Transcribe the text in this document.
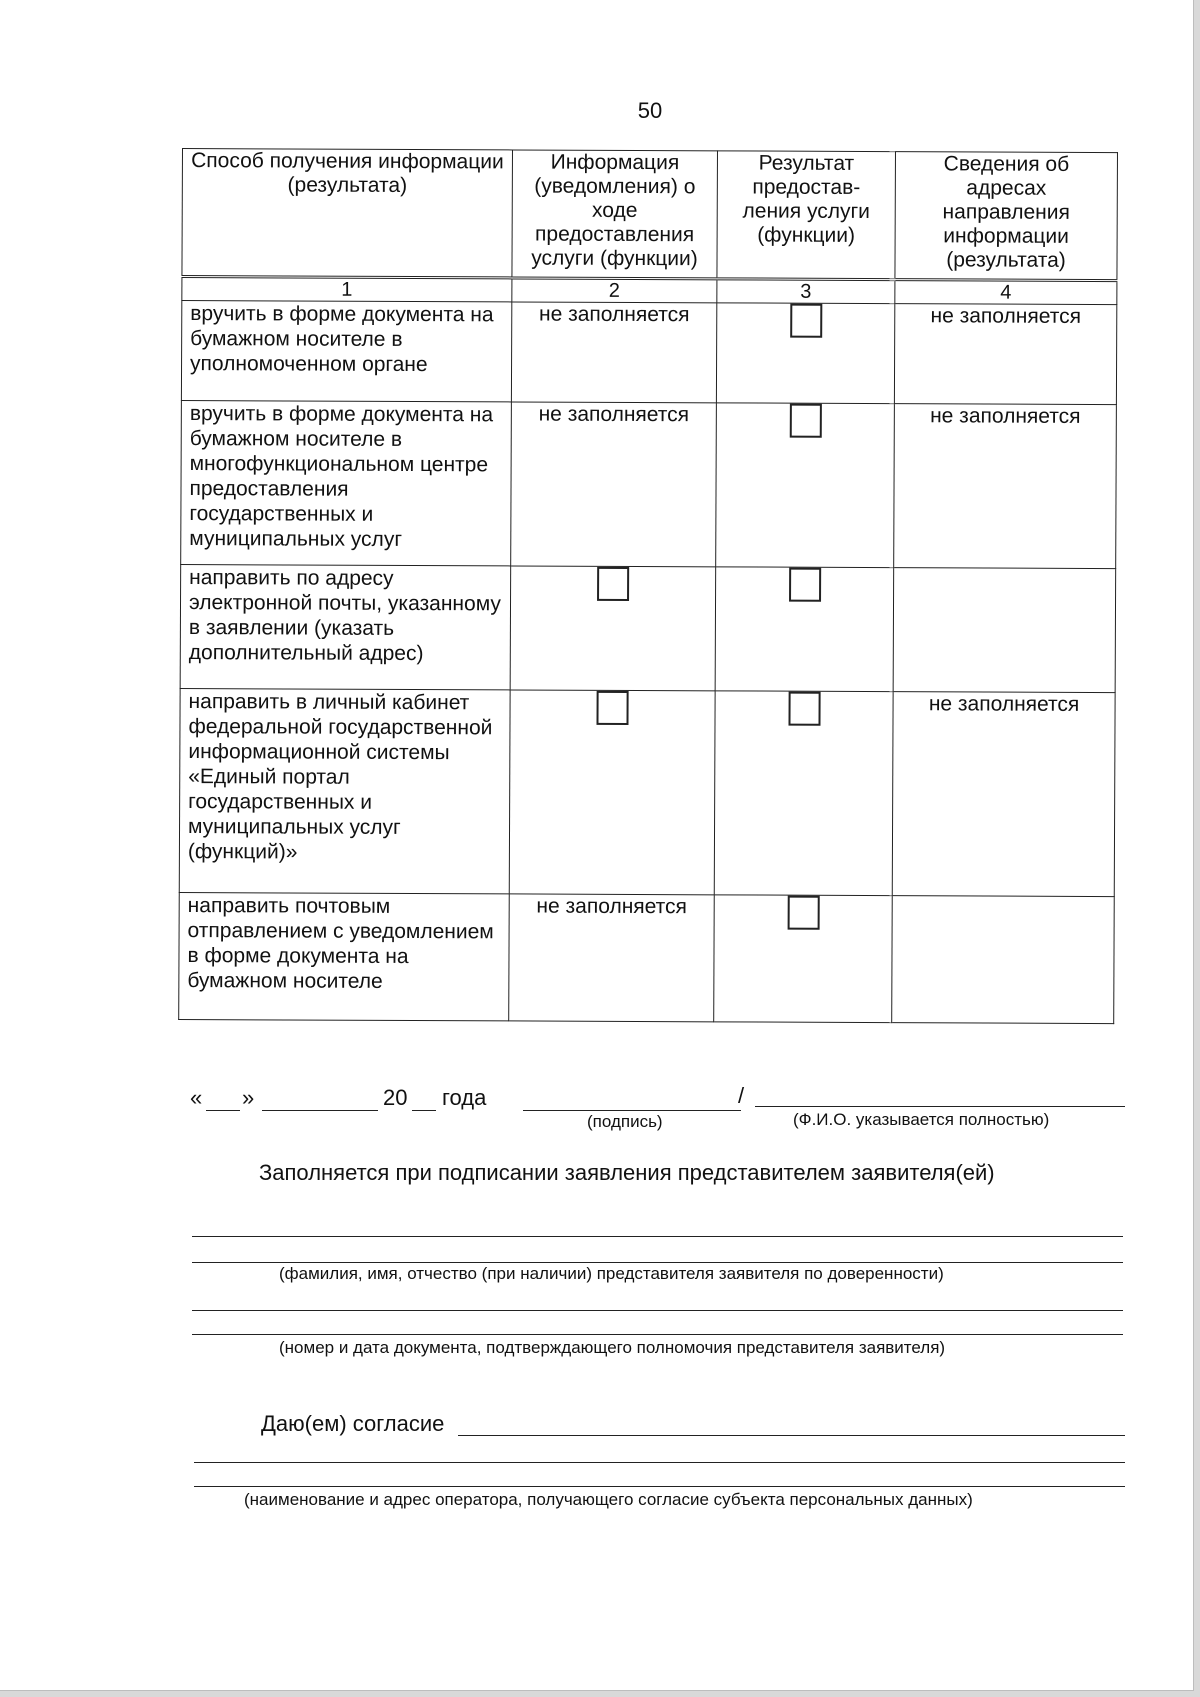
50
Способ получения информации (результата)	Информация (уведомления) о ходе предоставления услуги (функции)	Результат предостав-ления услуги (функции)	Сведения об адресах направления информации (результата)
1	2	3	4
вручить в форме документа на бумажном носителе в уполномоченном органе	не заполняется		не заполняется
вручить в форме документа на бумажном носителе в многофункциональном центре предоставления государственных и муниципальных услуг	не заполняется		не заполняется
направить по адресу электронной почты, указанному в заявлении (указать дополнительный адрес)			
направить в личный кабинет федеральной государственной информационной системы «Единый портал государственных и муниципальных услуг (функций)»			не заполняется
направить почтовым отправлением с уведомлением в форме документа на бумажном носителе	не заполняется		
« »	20 года	/
(подпись)	(Ф.И.О. указывается полностью)
Заполняется при подписании заявления представителем заявителя(ей)
(фамилия, имя, отчество (при наличии) представителя заявителя по доверенности)
(номер и дата документа, подтверждающего полномочия представителя заявителя)
Даю(ем) согласие
(наименование и адрес оператора, получающего согласие субъекта персональных данных)
